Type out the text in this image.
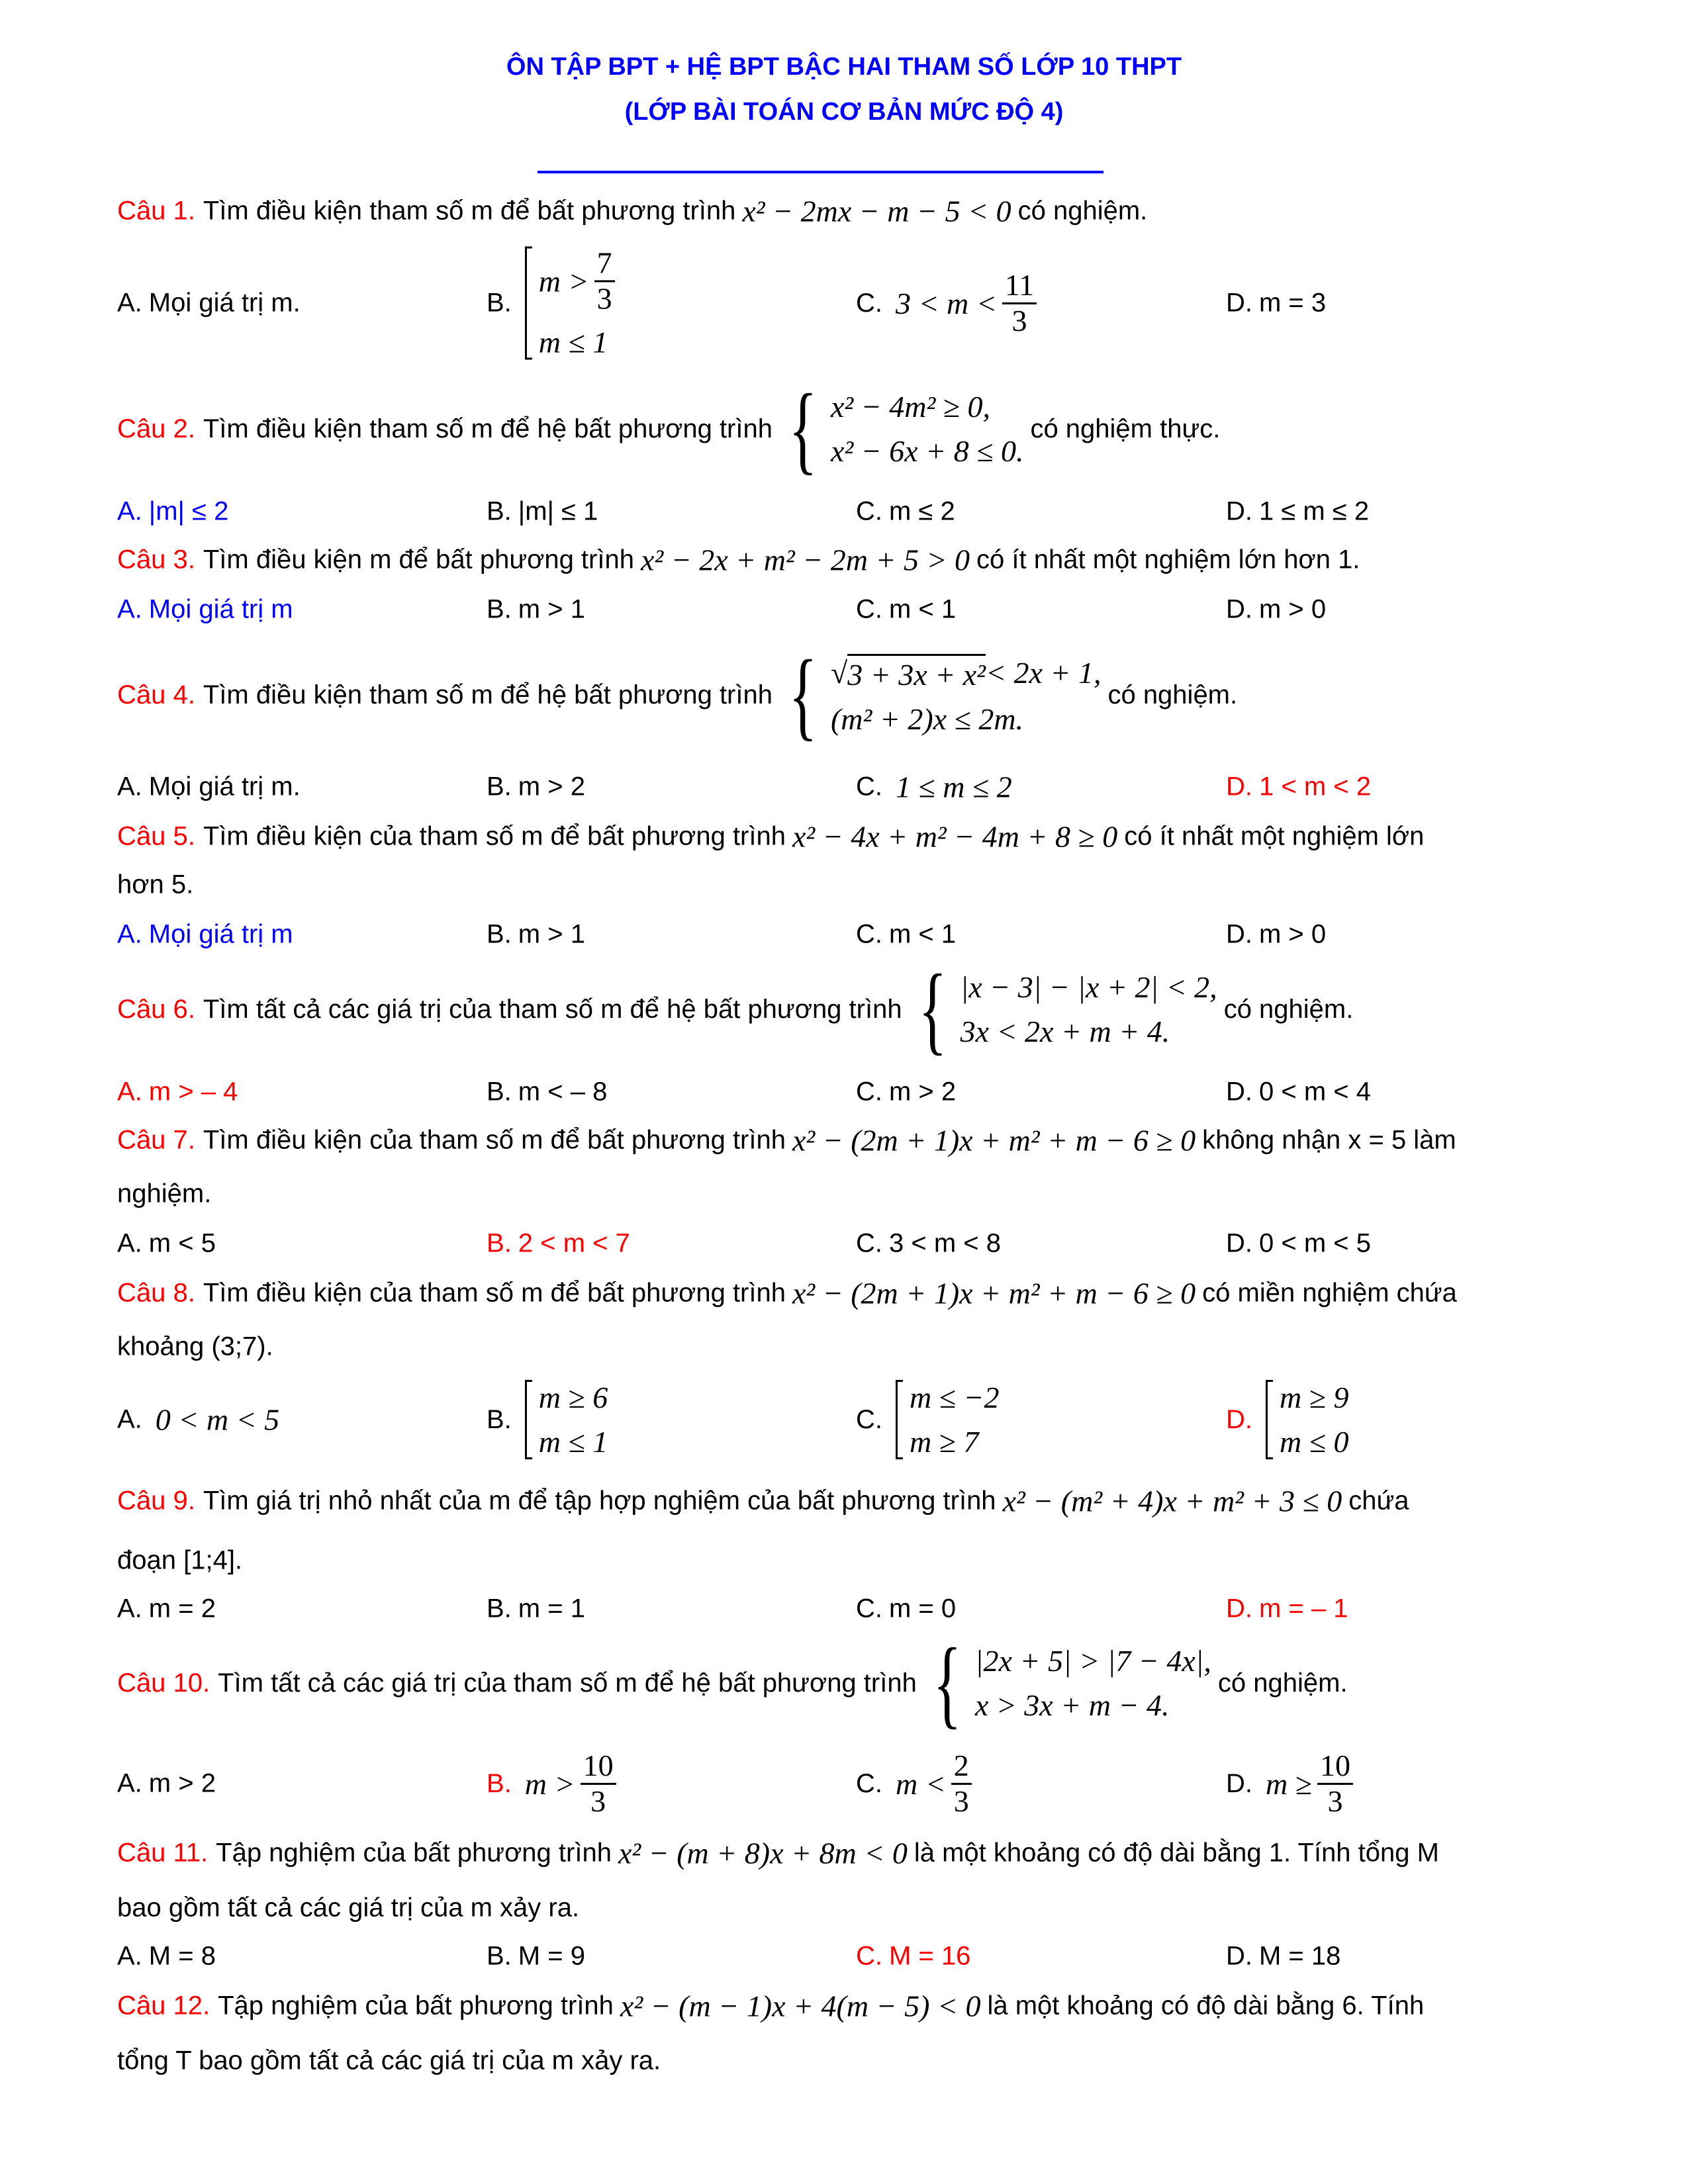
ÔN TẬP BPT + HỆ BPT BẬC HAI THAM SỐ LỚP 10 THPT
(LỚP BÀI TOÁN CƠ BẢN MỨC ĐỘ 4)
Câu 1. Tìm điều kiện tham số m để bất phương trình x² − 2mx − m − 5 < 0 có nghiệm.
A. Mọi giá trị m.	B.
$m > \frac{7}{3}$
m ≤ 1
C. $3 < m < \frac{11}{3}$	D. m = 3
Câu 2. Tìm điều kiện tham số m để hệ bất phương trình { x² − 4m² ≥ 0,
x² − 6x + 8 ≤ 0.
có nghiệm thực.
A. |m| ≤ 2	B. |m| ≤ 1	C. m ≤ 2	D. 1 ≤ m ≤ 2
Câu 3. Tìm điều kiện m để bất phương trình x² − 2x + m² − 2m + 5 > 0 có ít nhất một nghiệm lớn hơn 1.
A. Mọi giá trị m	B. m > 1	C. m < 1	D. m > 0
Câu 4. Tìm điều kiện tham số m để hệ bất phương trình { √ 3 + 3x + x² < 2x + 1,
(m² + 2)x ≤ 2m.
có nghiệm.
A. Mọi giá trị m.	B. m > 2	C. 1 ≤ m ≤ 2	D. 1 < m < 2
Câu 5. Tìm điều kiện của tham số m để bất phương trình x² − 4x + m² − 4m + 8 ≥ 0 có ít nhất một nghiệm lớn
hơn 5.
A. Mọi giá trị m	B. m > 1	C. m < 1	D. m > 0
Câu 6. Tìm tất cả các giá trị của tham số m để hệ bất phương trình { |x − 3| − |x + 2| < 2,
3x < 2x + m + 4.
có nghiệm.
A. m > – 4	B. m < – 8	C. m > 2	D. 0 < m < 4
Câu 7. Tìm điều kiện của tham số m để bất phương trình x² − (2m + 1)x + m² + m − 6 ≥ 0 không nhận x = 5 làm
nghiệm.
A. m < 5	B. 2 < m < 7	C. 3 < m < 8	D. 0 < m < 5
Câu 8. Tìm điều kiện của tham số m để bất phương trình x² − (2m + 1)x + m² + m − 6 ≥ 0 có miền nghiệm chứa
khoảng (3;7).
A. 0 < m < 5	B.
m ≥ 6
m ≤ 1
C.
m ≤ −2
m ≥ 7
D.
m ≥ 9
m ≤ 0
Câu 9. Tìm giá trị nhỏ nhất của m để tập hợp nghiệm của bất phương trình x² − (m² + 4)x + m² + 3 ≤ 0 chứa
đoạn [1;4].
A. m = 2	B. m = 1	C. m = 0	D. m = – 1
Câu 10. Tìm tất cả các giá trị của tham số m để hệ bất phương trình { |2x + 5| > |7 − 4x|,
x > 3x + m − 4.
có nghiệm.
A. m > 2	B. $m > \frac{10}{3}$	C. $m < \frac{2}{3}$	D. $m \ge \frac{10}{3}$
Câu 11. Tập nghiệm của bất phương trình x² − (m + 8)x + 8m < 0 là một khoảng có độ dài bằng 1. Tính tổng M
bao gồm tất cả các giá trị của m xảy ra.
A. M = 8	B. M = 9	C. M = 16	D. M = 18
Câu 12. Tập nghiệm của bất phương trình x² − (m − 1)x + 4(m − 5) < 0 là một khoảng có độ dài bằng 6. Tính
tổng T bao gồm tất cả các giá trị của m xảy ra.
